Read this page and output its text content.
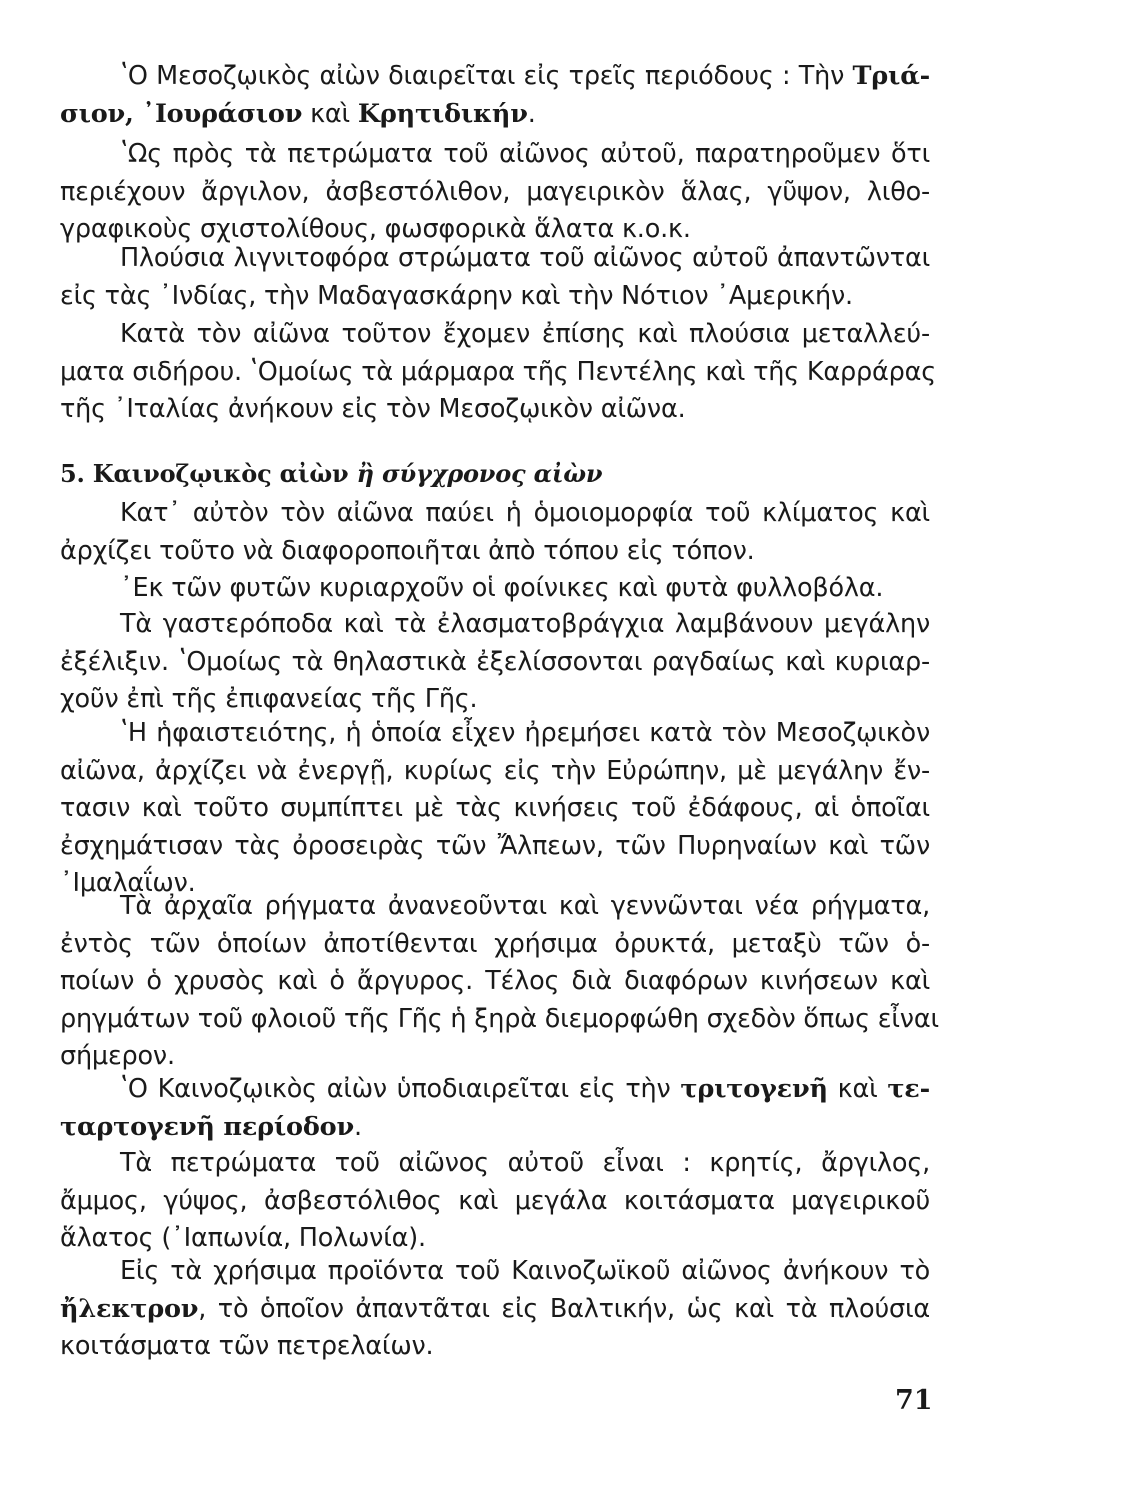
ʽΟ Μεσοζῳικὸς αἰὼν διαιρεῖται εἰς τρεῖς περιόδους : Τὴν Τριά-
σιον, ᾽Ιουράσιον καὶ Κρητιδικήν.
ʽΩς πρὸς τὰ πετρώματα τοῦ αἰῶνος αὐτοῦ, παρατηροῦμεν ὅτι
περιέχουν ἄργιλον, ἀσβεστόλιθον, μαγειρικὸν ἅλας, γῦψον, λιθο-
γραφικοὺς σχιστολίθους, φωσφορικὰ ἅλατα κ.ο.κ.
Πλούσια λιγνιτοφόρα στρώματα τοῦ αἰῶνος αὐτοῦ ἀπαντῶνται
εἰς τὰς ᾽Ινδίας, τὴν Μαδαγασκάρην καὶ τὴν Νότιον ᾽Αμερικήν.
Κατὰ τὸν αἰῶνα τοῦτον ἔχομεν ἐπίσης καὶ πλούσια μεταλλεύ-
ματα σιδήρου. ʽΟμοίως τὰ μάρμαρα τῆς Πεντέλης καὶ τῆς Καρράρας
τῆς ᾽Ιταλίας ἀνήκουν εἰς τὸν Μεσοζῳικὸν αἰῶνα.
5. Καινοζῳικὸς αἰὼν ἢ σύγχρονος αἰὼν
Κατ᾽ αὐτὸν τὸν αἰῶνα παύει ἡ ὁμοιομορφία τοῦ κλίματος καὶ
ἀρχίζει τοῦτο νὰ διαφοροποιῆται ἀπὸ τόπου εἰς τόπον.
᾽Εκ τῶν φυτῶν κυριαρχοῦν οἱ φοίνικες καὶ φυτὰ φυλλοβόλα.
Τὰ γαστερόποδα καὶ τὰ ἐλασματοβράγχια λαμβάνουν μεγάλην
ἐξέλιξιν. ʽΟμοίως τὰ θηλαστικὰ ἐξελίσσονται ραγδαίως καὶ κυριαρ-
χοῦν ἐπὶ τῆς ἐπιφανείας τῆς Γῆς.
ʽΗ ἡφαιστειότης, ἡ ὁποία εἶχεν ἠρεμήσει κατὰ τὸν Μεσοζῳικὸν
αἰῶνα, ἀρχίζει νὰ ἐνεργῇ, κυρίως εἰς τὴν Εὐρώπην, μὲ μεγάλην ἔν-
τασιν καὶ τοῦτο συμπίπτει μὲ τὰς κινήσεις τοῦ ἐδάφους, αἱ ὁποῖαι
ἐσχημάτισαν τὰς ὀροσειρὰς τῶν Ἄλπεων, τῶν Πυρηναίων καὶ τῶν
᾽Ιμαλαΐων.
Τὰ ἀρχαῖα ρήγματα ἀνανεοῦνται καὶ γεννῶνται νέα ρήγματα,
ἐντὸς τῶν ὁποίων ἀποτίθενται χρήσιμα ὀρυκτά, μεταξὺ τῶν ὁ-
ποίων ὁ χρυσὸς καὶ ὁ ἄργυρος. Τέλος διὰ διαφόρων κινήσεων καὶ
ρηγμάτων τοῦ φλοιοῦ τῆς Γῆς ἡ ξηρὰ διεμορφώθη σχεδὸν ὅπως εἶναι
σήμερον.
ʽΟ Καινοζῳικὸς αἰὼν ὑποδιαιρεῖται εἰς τὴν τριτογενῆ καὶ τε-
ταρτογενῆ περίοδον.
Τὰ πετρώματα τοῦ αἰῶνος αὐτοῦ εἶναι : κρητίς, ἄργιλος,
ἄμμος, γύψος, ἀσβεστόλιθος καὶ μεγάλα κοιτάσματα μαγειρικοῦ
ἅλατος (᾽Ιαπωνία, Πολωνία).
Εἰς τὰ χρήσιμα προϊόντα τοῦ Καινοζωϊκοῦ αἰῶνος ἀνήκουν τὸ
ἤλεκτρον, τὸ ὁποῖον ἀπαντᾶται εἰς Βαλτικήν, ὡς καὶ τὰ πλούσια
κοιτάσματα τῶν πετρελαίων.
71
